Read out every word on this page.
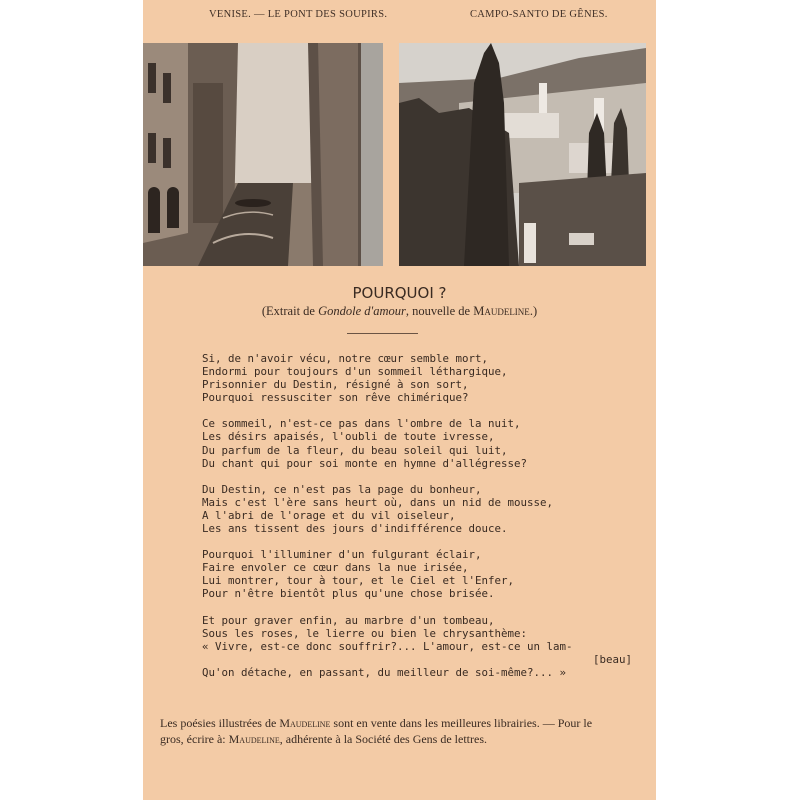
VENISE. — LE PONT DES SOUPIRS.	CAMPO-SANTO DE GÊNES.
POURQUOI ?
(Extrait de Gondole d'amour, nouvelle de Maudeline.)
Si, de n'avoir vécu, notre cœur semble mort,
Endormi pour toujours d'un sommeil léthargique,
Prisonnier du Destin, résigné à son sort,
Pourquoi ressusciter son rêve chimérique?
Ce sommeil, n'est-ce pas dans l'ombre de la nuit,
Les désirs apaisés, l'oubli de toute ivresse,
Du parfum de la fleur, du beau soleil qui luit,
Du chant qui pour soi monte en hymne d'allégresse?
Du Destin, ce n'est pas la page du bonheur,
Mais c'est l'ère sans heurt où, dans un nid de mousse,
A l'abri de l'orage et du vil oiseleur,
Les ans tissent des jours d'indifférence douce.
Pourquoi l'illuminer d'un fulgurant éclair,
Faire envoler ce cœur dans la nue irisée,
Lui montrer, tour à tour, et le Ciel et l'Enfer,
Pour n'être bientôt plus qu'une chose brisée.
Et pour graver enfin, au marbre d'un tombeau,
Sous les roses, le lierre ou bien le chrysanthème:
« Vivre, est-ce donc souffrir?... L'amour, est-ce un lam-
[beau]
Qu'on détache, en passant, du meilleur de soi-même?... »
Les poésies illustrées de Maudeline sont en vente dans les meilleures librairies. — Pour le gros, écrire à: Maudeline, adhérente à la Société des Gens de lettres.
